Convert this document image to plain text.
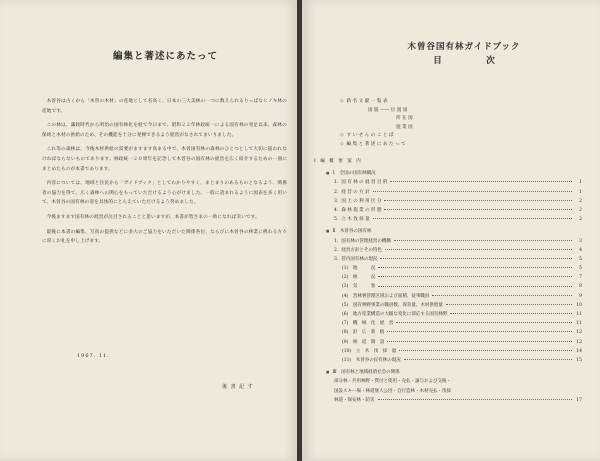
編集と著述にあたって

木曽谷は古くから「木曽の木材」の産地として名高く、日本の三大美林の一つに数えられるりっぱなヒノキ林の産地です。

この林は、藩政時代から明治の国有林化を経て今日まで、昭和２２年林政統一による国有林の発足以来、森林の保続と木材の供給のため、その機能を十分に発揮できるよう経営がなされてまいりました。

これ等の森林は、今後木材供給の需要がますます高まる中で、木曽国有林の森林のひとつとして大切に扱われなければならないものであります。林政統一２０周年を記念して木曽谷の国有林の経営を広く紹介するための一冊にまとめたものが本書であります。

内容については、地域と住民から「ガイドブック」としてわかりやすく、まとまりのあるものとなるよう、関係者の協力を得て、広く森林への関心をもっていただけるよう心がけました。一般に読まれるように図表を多く用いて、木曽谷の国有林の姿を具体的にとらえていただけるよう努めました。

今後ますます国有林の経営が注目されることと思いますが、本書が皆さまの一助になれば幸いです。

最後に本書の編集、写真の提供などに多大のご協力をいただいた関係各位、ならびに木曽谷の林業に携わる方々に厚くお礼を申し上げます。

1967. 11.
後 書 記 す
木曽谷国有林ガイドブック
目　次
◇ 新 名 文 献 一 覧 表
図 版 —— 位 置 図
所 在 図
施 業 図
◇ す い せ ん の こ と ば
◇ 編 集 と 著 述 に あ た っ て
Ⅰ　編　概　要　案　内
■ 1　全国の国有林概況
1．国 有 林 の 経 営 目 的	1
2．経 営 の 方 針	1
3．国 土 の 利 用 区 分	2
4．森 林 施 業 の 形 態	2
5．立 木 伐 採 量	2
■ Ⅱ　木曽谷の国有林
1．国有林の管理経営の機構	3
2．経営方針とその特色	4
3．管内国有林の現況	5
(1)　地　　　況	5
(2)　林　　　況	7
(3)　気　　　象	8
(4)　営林署管理区域および面積、従事職員	9
(5)　国有林野事業の職員数、保育量、木材供給量	10
(6)　地方産業構造の大幅な変化に即応する国有林野	11
(7)　機　械　化　経　営	11
(8)　針　広　新　植	12
(9)　林　道　開　設	12
(10)　立　木　伐　採　量	14
(11)　木曽谷の民有林の現況	15
■ Ⅲ　国有林と地域経済社会の関係
部分林・共用林野・貸付と使用・売払・譲与および交換・
国設スキー場・林道無人公団・自行造林・木材売払・伐採
林道・保安林・防災	17
